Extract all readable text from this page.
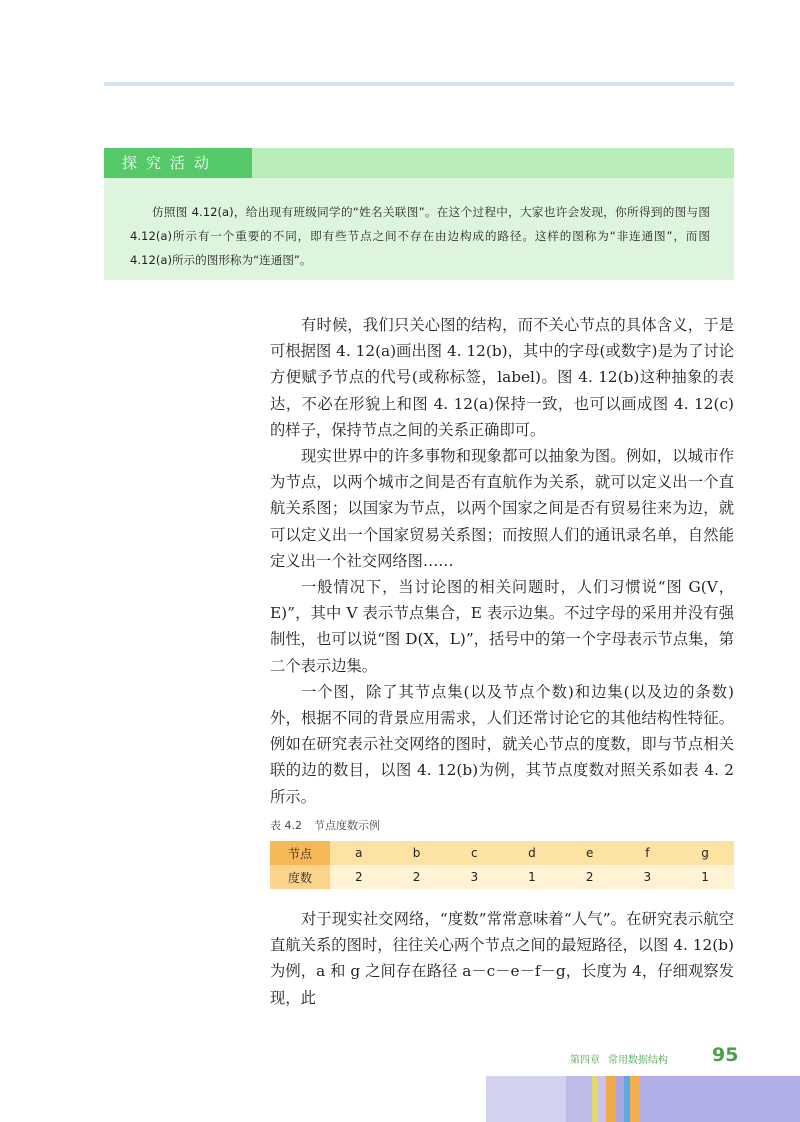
探究活动

仿照图 4.12(a)，给出现有班级同学的“姓名关联图”。在这个过程中，大家也许会发现，你所得到的图与图 4.12(a)所示有一个重要的不同，即有些节点之间不存在由边构成的路径。这样的图称为“非连通图”，而图 4.12(a)所示的图形称为“连通图”。

有时候，我们只关心图的结构，而不关心节点的具体含义，于是可根据图 4. 12(a)画出图 4. 12(b)，其中的字母(或数字)是为了讨论方便赋予节点的代号(或称标签，label)。图 4. 12(b)这种抽象的表达，不必在形貌上和图 4. 12(a)保持一致，也可以画成图 4. 12(c)的样子，保持节点之间的关系正确即可。

现实世界中的许多事物和现象都可以抽象为图。例如，以城市作为节点，以两个城市之间是否有直航作为关系，就可以定义出一个直航关系图；以国家为节点，以两个国家之间是否有贸易往来为边，就可以定义出一个国家贸易关系图；而按照人们的通讯录名单，自然能定义出一个社交网络图……

一般情况下，当讨论图的相关问题时，人们习惯说“图 G(V，E)”，其中 V 表示节点集合，E 表示边集。不过字母的采用并没有强制性，也可以说“图 D(X，L)”，括号中的第一个字母表示节点集，第二个表示边集。

一个图，除了其节点集(以及节点个数)和边集(以及边的条数)外，根据不同的背景应用需求，人们还常讨论它的其他结构性特征。例如在研究表示社交网络的图时，就关心节点的度数，即与节点相关联的边的数目，以图 4. 12(b)为例，其节点度数对照关系如表 4. 2 所示。

表 4.2 节点度数示例
节点	a	b	c	d	e	f	g
度数	2	2	3	1	2	3	1

对于现实社交网络，“度数”常常意味着“人气”。在研究表示航空直航关系的图时，往往关心两个节点之间的最短路径，以图 4. 12(b)为例，a 和 g 之间存在路径 a－c－e－f－g，长度为 4，仔细观察发现，此

第四章 常用数据结构	95
